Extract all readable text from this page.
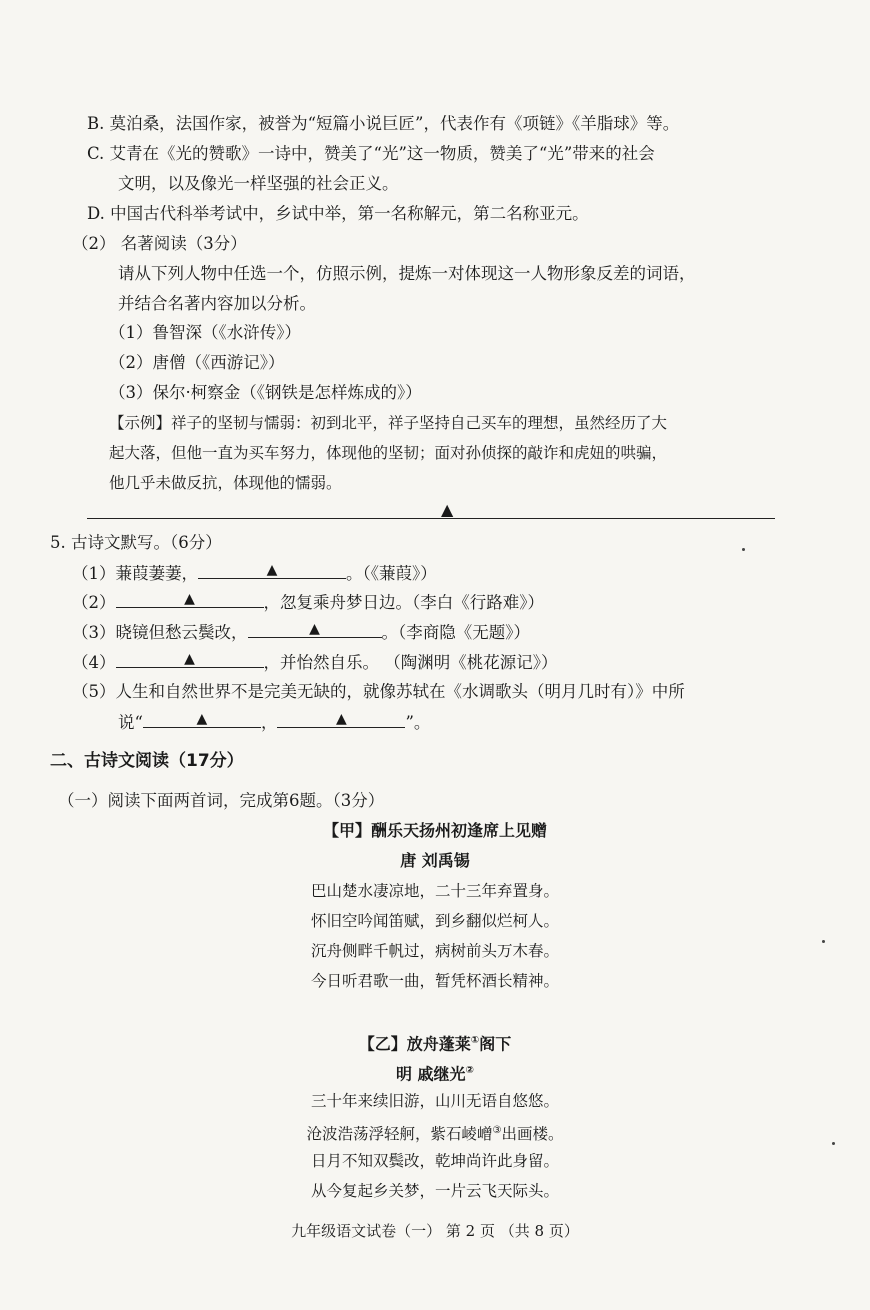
B. 莫泊桑，法国作家，被誉为“短篇小说巨匠”，代表作有《项链》《羊脂球》等。
C. 艾青在《光的赞歌》一诗中，赞美了“光”这一物质，赞美了“光”带来的社会
文明，以及像光一样坚强的社会正义。
D. 中国古代科举考试中，乡试中举，第一名称解元，第二名称亚元。
（2） 名著阅读（3分）
请从下列人物中任选一个，仿照示例，提炼一对体现这一人物形象反差的词语，
并结合名著内容加以分析。
（1）鲁智深（《水浒传》）
（2）唐僧（《西游记》）
（3）保尔·柯察金（《钢铁是怎样炼成的》）
【示例】祥子的坚韧与懦弱：初到北平，祥子坚持自己买车的理想，虽然经历了大
起大落，但他一直为买车努力，体现他的坚韧；面对孙侦探的敲诈和虎妞的哄骗，
他几乎未做反抗，体现他的懦弱。
▲
5. 古诗文默写。（6分）
（1）蒹葭萋萋，	▲	。（《蒹葭》）
（2）	▲	，忽复乘舟梦日边。（李白《行路难》）
（3）晓镜但愁云鬓改，	▲	。（李商隐《无题》）
（4）	▲	，并怡然自乐。 （陶渊明《桃花源记》）
（5）人生和自然世界不是完美无缺的，就像苏轼在《水调歌头（明月几时有）》中所
说“	▲	，	▲	”。
二、古诗文阅读（17分）
（一）阅读下面两首词，完成第6题。（3分）
【甲】酬乐天扬州初逢席上见赠
唐 刘禹锡
巴山楚水凄凉地，二十三年弃置身。
怀旧空吟闻笛赋，到乡翻似烂柯人。
沉舟侧畔千帆过，病树前头万木春。
今日听君歌一曲，暂凭杯酒长精神。
【乙】放舟蓬莱①阁下
明 戚继光②
三十年来续旧游，山川无语自悠悠。
沧波浩荡浮轻舸，紫石崚嶒③出画楼。
日月不知双鬓改，乾坤尚许此身留。
从今复起乡关梦，一片云飞天际头。
九年级语文试卷（一） 第 2 页 （共 8 页）
